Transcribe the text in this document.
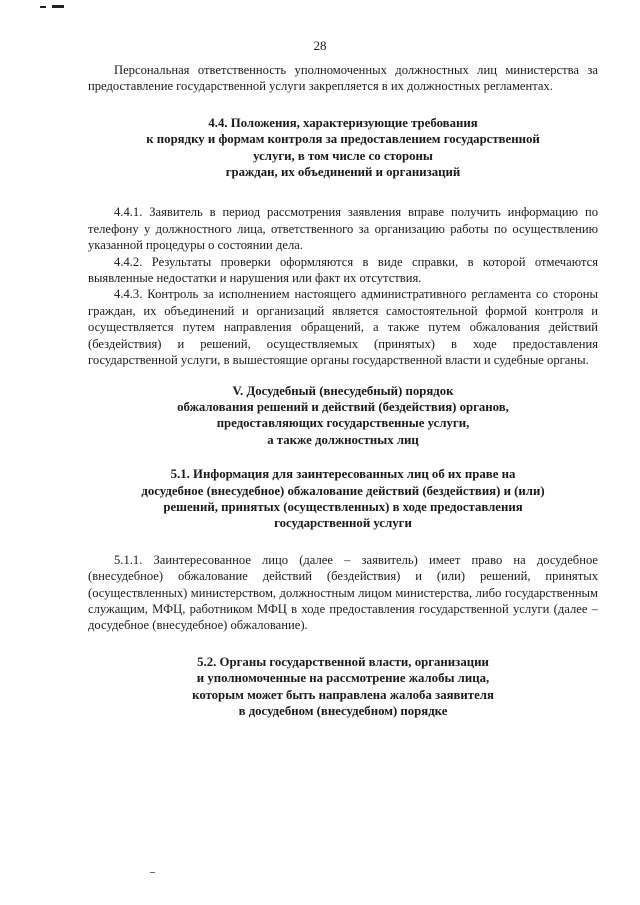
28

Персональная ответственность уполномоченных должностных лиц министерства за предоставление государственной услуги закрепляется в их должностных регламентах.

4.4. Положения, характеризующие требования

к порядку и формам контроля за предоставлением государственной

услуги, в том числе со стороны

граждан, их объединений и организаций

4.4.1. Заявитель в период рассмотрения заявления вправе получить информацию по телефону у должностного лица, ответственного за организацию работы по осуществлению указанной процедуры о состоянии дела.

4.4.2. Результаты проверки оформляются в виде справки, в которой отмечаются выявленные недостатки и нарушения или факт их отсутствия.

4.4.3. Контроль за исполнением настоящего административного регламента со стороны граждан, их объединений и организаций является самостоятельной формой контроля и осуществляется путем направления обращений, а также путем обжалования действий (бездействия) и решений, осуществляемых (принятых) в ходе предоставления государственной услуги, в вышестоящие органы государственной власти и судебные органы.

V. Досудебный (внесудебный) порядок

обжалования решений и действий (бездействия) органов,

предоставляющих государственные услуги,

а также должностных лиц

5.1. Информация для заинтересованных лиц об их праве на

досудебное (внесудебное) обжалование действий (бездействия) и (или)

решений, принятых (осуществленных) в ходе предоставления

государственной услуги

5.1.1. Заинтересованное лицо (далее – заявитель) имеет право на досудебное (внесудебное) обжалование действий (бездействия) и (или) решений, принятых (осуществленных) министерством, должностным лицом министерства, либо государственным служащим, МФЦ, работником МФЦ в ходе предоставления государственной услуги (далее – досудебное (внесудебное) обжалование).

5.2. Органы государственной власти, организации

и уполномоченные на рассмотрение жалобы лица,

которым может быть направлена жалоба заявителя

в досудебном (внесудебном) порядке
